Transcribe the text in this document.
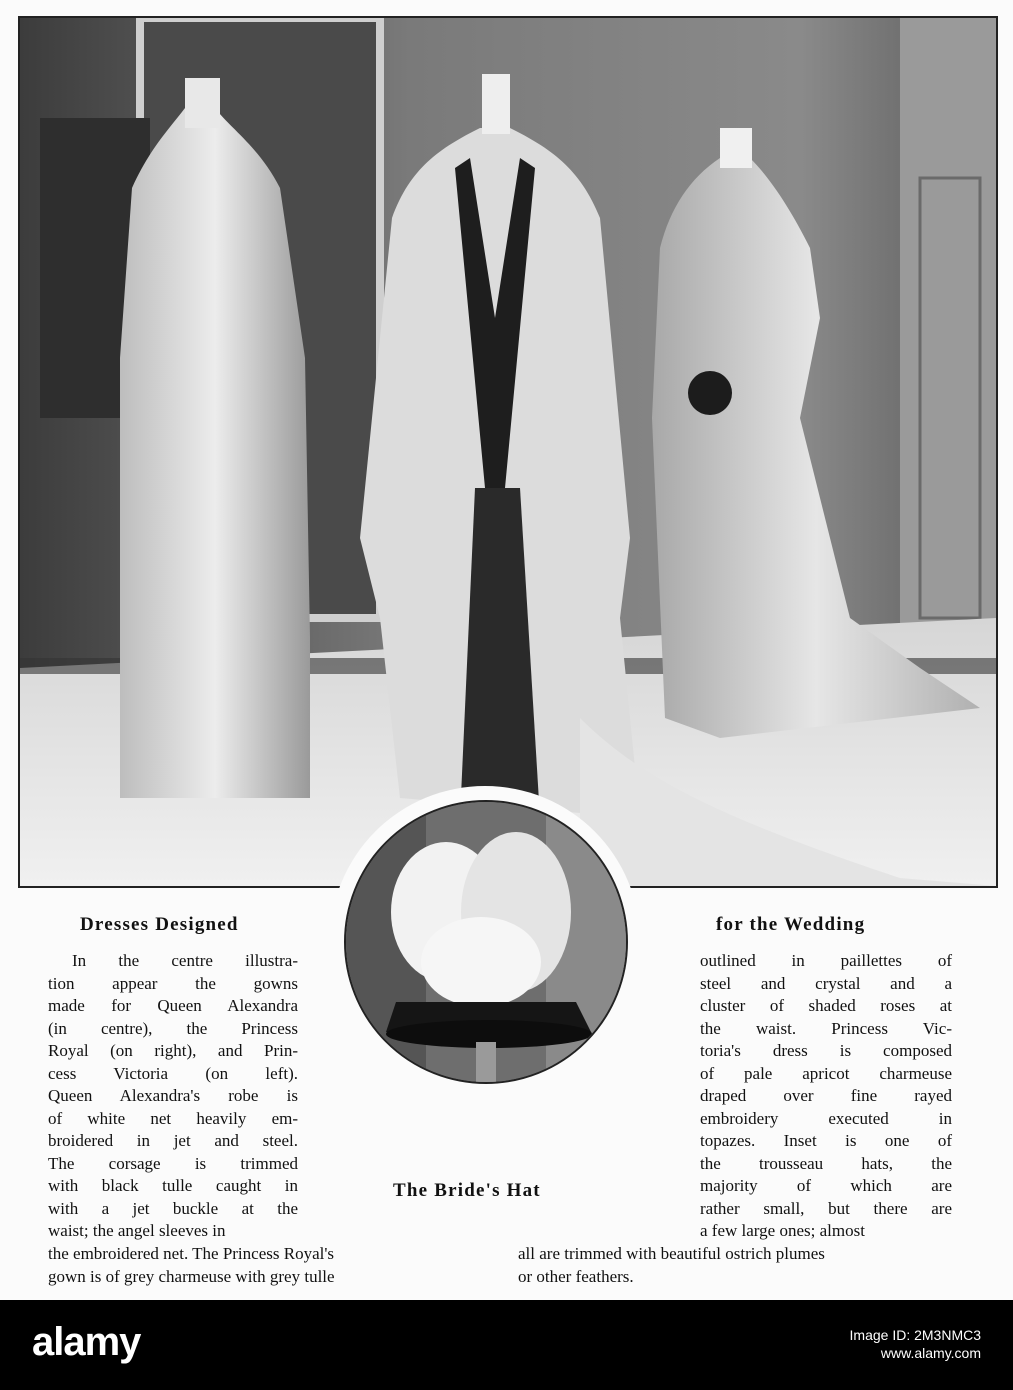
Dresses Designed	for the Wedding
The Bride's Hat
In the centre illustra-
tion appear the gowns
made for Queen Alexandra
(in centre), the Princess
Royal (on right), and Prin-
cess Victoria (on left).
Queen Alexandra's robe is
of white net heavily em-
broidered in jet and steel.
The corsage is trimmed
with black tulle caught in
with a jet buckle at the
waist; the angel sleeves in
outlined in paillettes of
steel and crystal and a
cluster of shaded roses at
the waist. Princess Vic-
toria's dress is composed
of pale apricot charmeuse
draped over fine rayed
embroidery executed in
topazes. Inset is one of
the trousseau hats, the
majority of which are
rather small, but there are
a few large ones; almost
the embroidered net. The Princess Royal's	all are trimmed with beautiful ostrich plumes
gown is of grey charmeuse with grey tulle	or other feathers.
alamy	Image ID: 2M3NMC3
www.alamy.com
